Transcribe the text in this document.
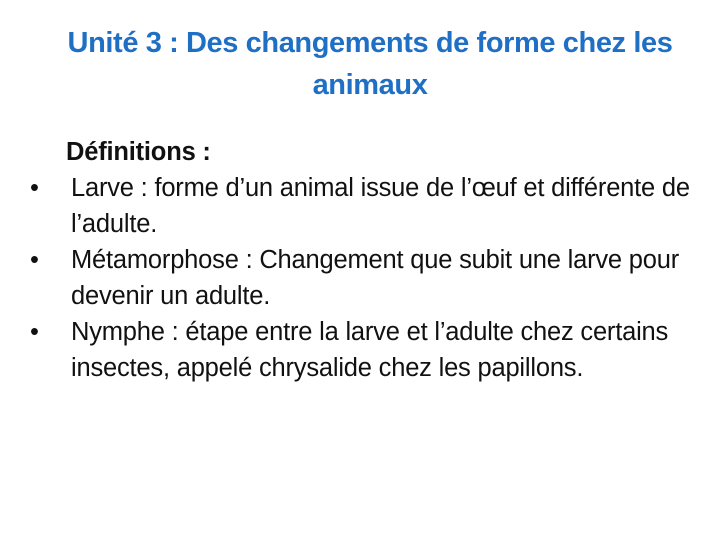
Unité 3 : Des changements de forme chez les animaux
Définitions :
•	Larve : forme d’un animal issue de l’œuf et différente de l’adulte.
•	Métamorphose : Changement que subit une larve pour devenir un adulte.
•	Nymphe : étape entre la larve et l’adulte chez certains insectes, appelé chrysalide chez les papillons.
